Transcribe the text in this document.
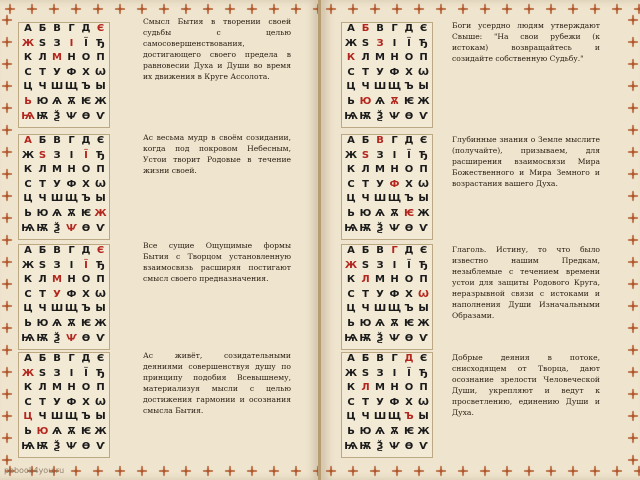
А
Б
В
Г
Д
Є

Ж
Ѕ
З
І
	Ї
Ђ

К
Л
М
Н
О
П

С
Т
У
Ф
Х
Ѡ

Ц
Ч
Ш
Щ
Ъ
Ы

Ь
Ю
Ѧ
Ѫ
Ѥ
Ж

Ѩ
Ѭ
Ѯ
Ѱ
Ѳ
Ѵ

Смысл Бытия в творении своей судьбы с целью самосовершенствования, достигающего своего предела в равновесии Духа и Души во время их движения в Круге Ассолота.
А
Б
В
Г
Д
Є

Ж
Ѕ
З
І
	Ї
Ђ

К
Л
М
Н
О
П

С
Т
У
Ф
Х
Ѡ

Ц
Ч
Ш
Щ
Ъ
Ы

Ь
Ю
Ѧ
Ѫ
Ѥ
Ж

Ѩ
Ѭ
Ѯ
Ѱ
Ѳ
Ѵ

Ас весьма мудр в своём созидании, когда под покровом Небесным, Устои творит Родовые в течение жизни своей.
А
Б
В
Г
Д
Є

Ж
Ѕ
З
І
	Ї
Ђ

К
Л
М
Н
О
П

С
Т
У
Ф
Х
Ѡ

Ц
Ч
Ш
Щ
Ъ
Ы

Ь
Ю
Ѧ
Ѫ
Ѥ
Ж

Ѩ
Ѭ
Ѯ
Ѱ
Ѳ
Ѵ

Все сущие Ощущимые формы Бытия с Творцом установленную взаимосвязь расширяя постигают смысл своего предназначения.
А
Б
В
Г
Д
Є

Ж
Ѕ
З
І
	Ї
Ђ

К
Л
М
Н
О
П

С
Т
У
Ф
Х
Ѡ

Ц
Ч
Ш
Щ
Ъ
Ы

Ь
Ю
Ѧ
Ѫ
Ѥ
Ж

Ѩ
Ѭ
Ѯ
Ѱ
Ѳ
Ѵ

Ас живёт, созидательными деяниями совершенствуя душу по принципу подобия Всевышнему, материализуя мысли с целью достижения гармонии и осознания смысла Бытия.
pobook4you.ru
А
Б
В
Г
Д
Є

Ж
Ѕ
З
І
	Ї
Ђ

К
Л
М
Н
О
П

С
Т
У
Ф
Х
Ѡ

Ц
Ч
Ш
Щ
Ъ
Ы

Ь
Ю
Ѧ
Ѫ
Ѥ
Ж

Ѩ
Ѭ
Ѯ
Ѱ
Ѳ
Ѵ

Боги усердно людям утверждают Свыше: "На свои рубежи (к истокам) возвращайтесь и созидайте собственную Судьбу."
А
Б
В
Г
Д
Є

Ж
Ѕ
З
І
	Ї
Ђ

К
Л
М
Н
О
П

С
Т
У
Ф
Х
Ѡ

Ц
Ч
Ш
Щ
Ъ
Ы

Ь
Ю
Ѧ
Ѫ
Ѥ
Ж

Ѩ
Ѭ
Ѯ
Ѱ
Ѳ
Ѵ

Глубинные знания о Земле мыслите (получайте), призываем, для расширения взаимосвязи Мира Божественного и Мира Земного и возрастания вашего Духа.
А
Б
В
Г
Д
Є

Ж
Ѕ
З
І
	Ї
Ђ

К
Л
М
Н
О
П

С
Т
У
Ф
Х
Ѡ

Ц
Ч
Ш
Щ
Ъ
Ы

Ь
Ю
Ѧ
Ѫ
Ѥ
Ж

Ѩ
Ѭ
Ѯ
Ѱ
Ѳ
Ѵ

Глаголь. Истину, то что было известно нашим Предкам, незыблемые с течением времени устои для защиты Родового Круга, неразрывной связи с истоками и наполнения Души Изначальными Образами.
А
Б
В
Г
Д
Є

Ж
Ѕ
З
І
	Ї
Ђ

К
Л
М
Н
О
П

С
Т
У
Ф
Х
Ѡ

Ц
Ч
Ш
Щ
Ъ
Ы

Ь
Ю
Ѧ
Ѫ
Ѥ
Ж

Ѩ
Ѭ
Ѯ
Ѱ
Ѳ
Ѵ

Добрые деяния в потоке, снисходящем от Творца, дают осознание зрелости Человеческой Души, укрепляют и ведут к просветлению, единению Души и Духа.
